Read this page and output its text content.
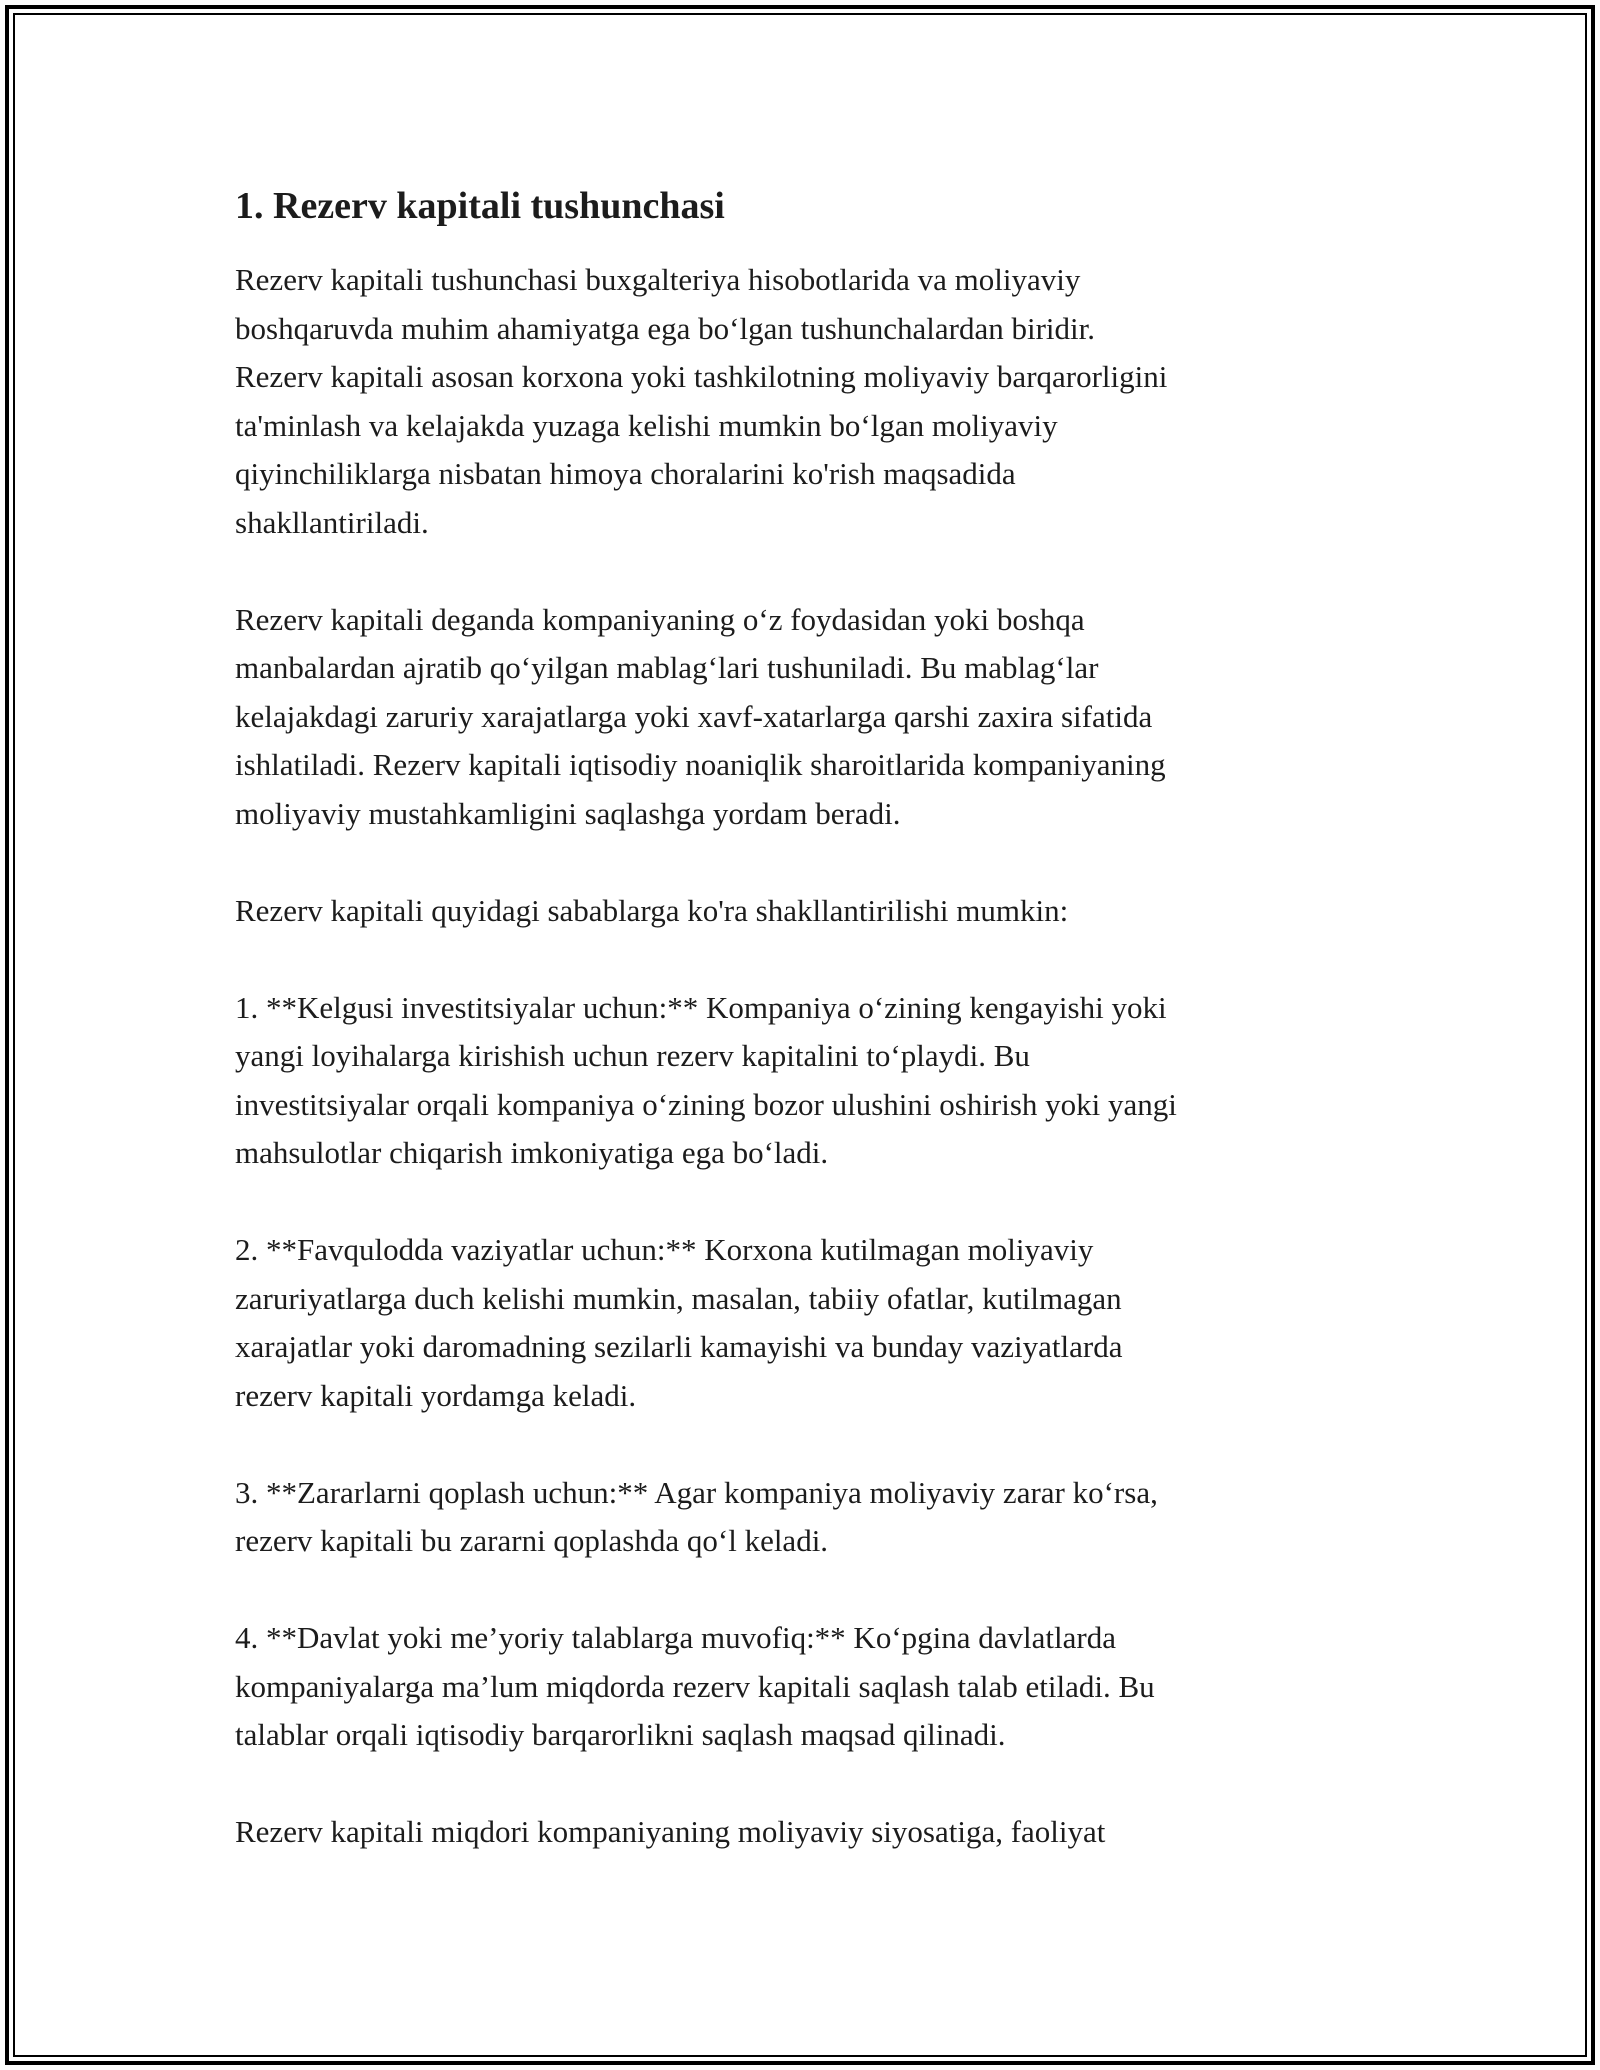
1. Rezerv kapitali tushunchasi
Rezerv kapitali tushunchasi buxgalteriya hisobotlarida va moliyaviy
boshqaruvda muhim ahamiyatga ega bo‘lgan tushunchalardan biridir.
Rezerv kapitali asosan korxona yoki tashkilotning moliyaviy barqarorligini
ta'minlash va kelajakda yuzaga kelishi mumkin bo‘lgan moliyaviy
qiyinchiliklarga nisbatan himoya choralarini ko'rish maqsadida
shakllantiriladi.
Rezerv kapitali deganda kompaniyaning o‘z foydasidan yoki boshqa
manbalardan ajratib qo‘yilgan mablag‘lari tushuniladi. Bu mablag‘lar
kelajakdagi zaruriy xarajatlarga yoki xavf-xatarlarga qarshi zaxira sifatida
ishlatiladi. Rezerv kapitali iqtisodiy noaniqlik sharoitlarida kompaniyaning
moliyaviy mustahkamligini saqlashga yordam beradi.
Rezerv kapitali quyidagi sabablarga ko'ra shakllantirilishi mumkin:
1. **Kelgusi investitsiyalar uchun:** Kompaniya o‘zining kengayishi yoki
yangi loyihalarga kirishish uchun rezerv kapitalini to‘playdi. Bu
investitsiyalar orqali kompaniya o‘zining bozor ulushini oshirish yoki yangi
mahsulotlar chiqarish imkoniyatiga ega bo‘ladi.
2. **Favqulodda vaziyatlar uchun:** Korxona kutilmagan moliyaviy
zaruriyatlarga duch kelishi mumkin, masalan, tabiiy ofatlar, kutilmagan
xarajatlar yoki daromadning sezilarli kamayishi va bunday vaziyatlarda
rezerv kapitali yordamga keladi.
3. **Zararlarni qoplash uchun:** Agar kompaniya moliyaviy zarar ko‘rsa,
rezerv kapitali bu zararni qoplashda qo‘l keladi.
4. **Davlat yoki me’yoriy talablarga muvofiq:** Ko‘pgina davlatlarda
kompaniyalarga ma’lum miqdorda rezerv kapitali saqlash talab etiladi. Bu
talablar orqali iqtisodiy barqarorlikni saqlash maqsad qilinadi.
Rezerv kapitali miqdori kompaniyaning moliyaviy siyosatiga, faoliyat
